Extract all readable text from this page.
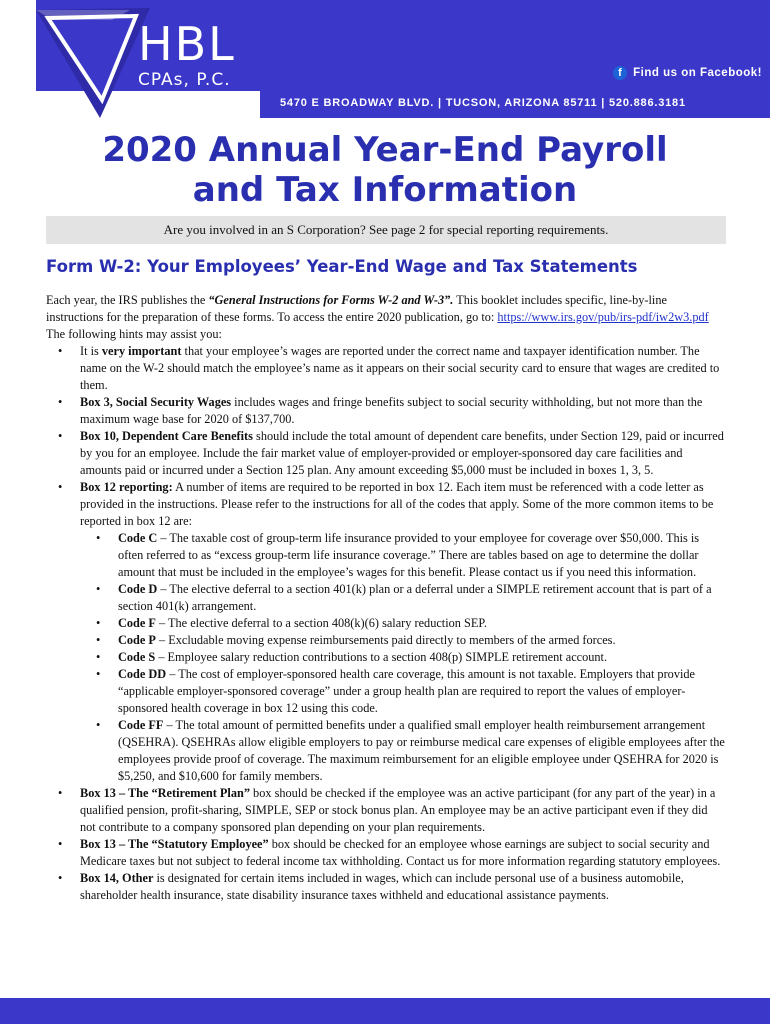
HBL
CPAs, P.C.	f Find us on Facebook!
5470 E BROADWAY BLVD. | TUCSON, ARIZONA 85711 | 520.886.3181
2020 Annual Year-End Payroll
and Tax Information
Are you involved in an S Corporation? See page 2 for special reporting requirements.
Form W-2: Your Employees’ Year-End Wage and Tax Statements

Each year, the IRS publishes the “General Instructions for Forms W-2 and W-3”. This booklet includes specific, line-by-line instructions for the preparation of these forms. To access the entire 2020 publication, go to: https://www.irs.gov/pub/irs-pdf/iw2w3.pdf The following hints may assist you:

• It is very important that your employee’s wages are reported under the correct name and taxpayer identification number. The name on the W-2 should match the employee’s name as it appears on their social security card to ensure that wages are credited to them.
• Box 3, Social Security Wages includes wages and fringe benefits subject to social security withholding, but not more than the maximum wage base for 2020 of $137,700.
• Box 10, Dependent Care Benefits should include the total amount of dependent care benefits, under Section 129, paid or incurred by you for an employee. Include the fair market value of employer-provided or employer-sponsored day care facilities and amounts paid or incurred under a Section 125 plan. Any amount exceeding $5,000 must be included in boxes 1, 3, 5.
• Box 12 reporting: A number of items are required to be reported in box 12. Each item must be referenced with a code letter as provided in the instructions. Please refer to the instructions for all of the codes that apply. Some of the more common items to be reported in box 12 are:
• Code C – The taxable cost of group-term life insurance provided to your employee for coverage over $50,000. This is often referred to as “excess group-term life insurance coverage.” There are tables based on age to determine the dollar amount that must be included in the employee’s wages for this benefit. Please contact us if you need this information.
• Code D – The elective deferral to a section 401(k) plan or a deferral under a SIMPLE retirement account that is part of a section 401(k) arrangement.
• Code F – The elective deferral to a section 408(k)(6) salary reduction SEP.
• Code P – Excludable moving expense reimbursements paid directly to members of the armed forces.
• Code S – Employee salary reduction contributions to a section 408(p) SIMPLE retirement account.
• Code DD – The cost of employer-sponsored health care coverage, this amount is not taxable. Employers that provide “applicable employer-sponsored coverage” under a group health plan are required to report the values of employer-sponsored health coverage in box 12 using this code.
• Code FF – The total amount of permitted benefits under a qualified small employer health reimbursement arrangement (QSEHRA). QSEHRAs allow eligible employers to pay or reimburse medical care expenses of eligible employees after the employees provide proof of coverage. The maximum reimbursement for an eligible employee under QSEHRA for 2020 is $5,250, and $10,600 for family members.
• Box 13 – The “Retirement Plan” box should be checked if the employee was an active participant (for any part of the year) in a qualified pension, profit-sharing, SIMPLE, SEP or stock bonus plan. An employee may be an active participant even if they did not contribute to a company sponsored plan depending on your plan requirements.
• Box 13 – The “Statutory Employee” box should be checked for an employee whose earnings are subject to social security and Medicare taxes but not subject to federal income tax withholding. Contact us for more information regarding statutory employees.
• Box 14, Other is designated for certain items included in wages, which can include personal use of a business automobile, shareholder health insurance, state disability insurance taxes withheld and educational assistance payments.
